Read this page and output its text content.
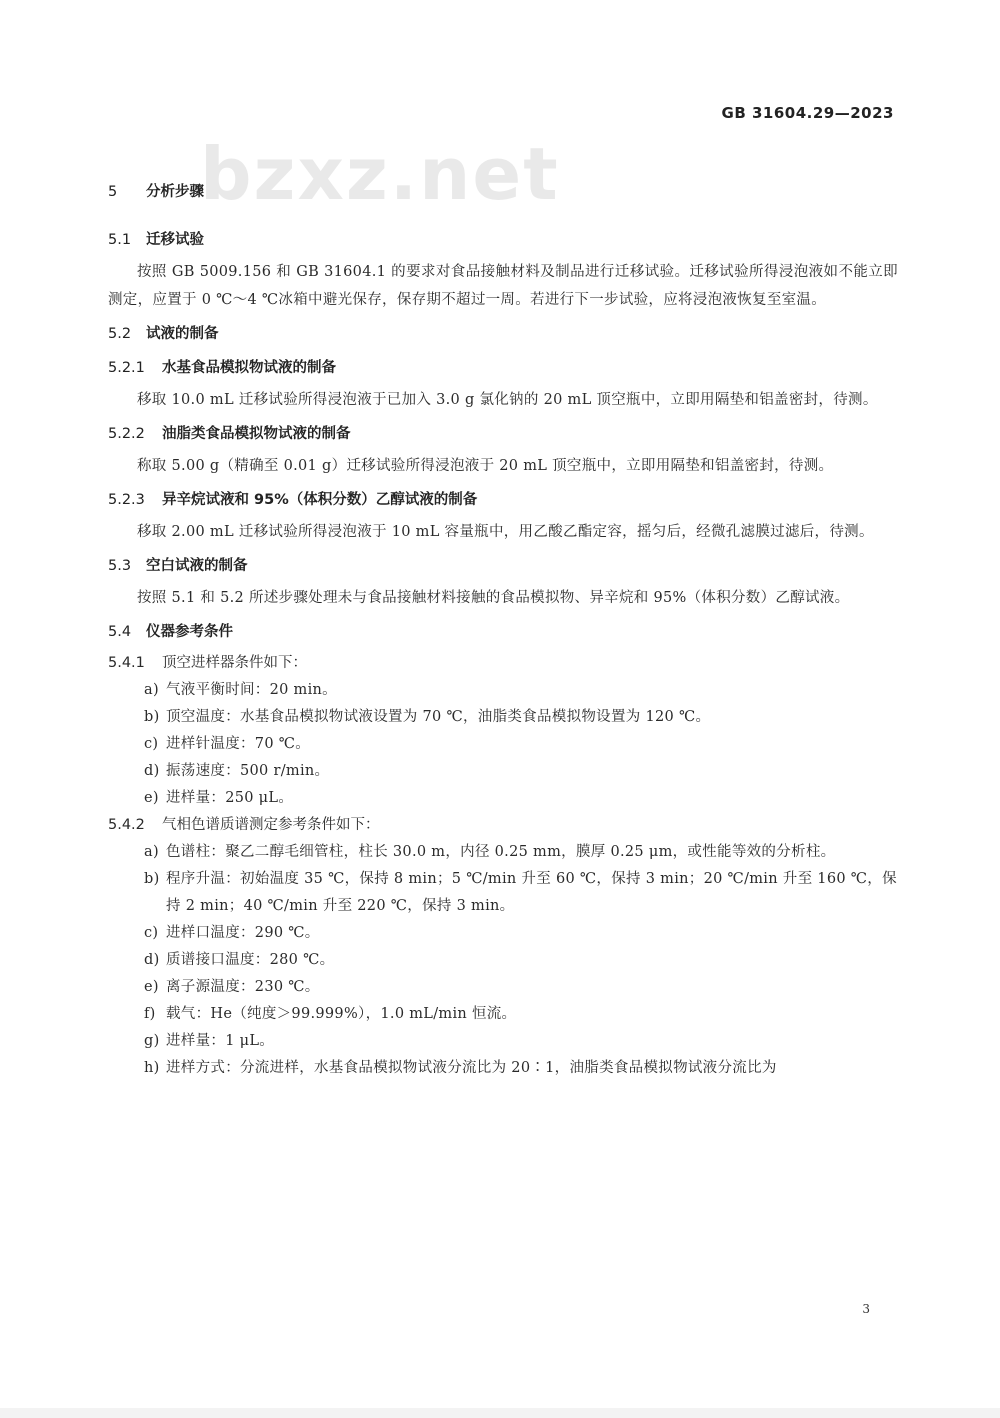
GB 31604.29—2023
bzxz.net
5 分析步骤
5.1 迁移试验
按照 GB 5009.156 和 GB 31604.1 的要求对食品接触材料及制品进行迁移试验。迁移试验所得浸泡液如不能立即测定，应置于 0 ℃～4 ℃冰箱中避光保存，保存期不超过一周。若进行下一步试验，应将浸泡液恢复至室温。
5.2 试液的制备
5.2.1 水基食品模拟物试液的制备
移取 10.0 mL 迁移试验所得浸泡液于已加入 3.0 g 氯化钠的 20 mL 顶空瓶中，立即用隔垫和铝盖密封，待测。
5.2.2 油脂类食品模拟物试液的制备
称取 5.00 g（精确至 0.01 g）迁移试验所得浸泡液于 20 mL 顶空瓶中，立即用隔垫和铝盖密封，待测。
5.2.3 异辛烷试液和 95%（体积分数）乙醇试液的制备
移取 2.00 mL 迁移试验所得浸泡液于 10 mL 容量瓶中，用乙酸乙酯定容，摇匀后，经微孔滤膜过滤后，待测。
5.3 空白试液的制备
按照 5.1 和 5.2 所述步骤处理未与食品接触材料接触的食品模拟物、异辛烷和 95%（体积分数）乙醇试液。
5.4 仪器参考条件
5.4.1 顶空进样器条件如下：
a) 气液平衡时间：20 min。
b) 顶空温度：水基食品模拟物试液设置为 70 ℃，油脂类食品模拟物设置为 120 ℃。
c) 进样针温度：70 ℃。
d) 振荡速度：500 r/min。
e) 进样量：250 μL。
5.4.2 气相色谱质谱测定参考条件如下：
a) 色谱柱：聚乙二醇毛细管柱，柱长 30.0 m，内径 0.25 mm，膜厚 0.25 μm，或性能等效的分析柱。
b) 程序升温：初始温度 35 ℃，保持 8 min；5 ℃/min 升至 60 ℃，保持 3 min；20 ℃/min 升至 160 ℃，保持 2 min；40 ℃/min 升至 220 ℃，保持 3 min。
c) 进样口温度：290 ℃。
d) 质谱接口温度：280 ℃。
e) 离子源温度：230 ℃。
f) 载气：He（纯度＞99.999%），1.0 mL/min 恒流。
g) 进样量：1 μL。
h) 进样方式：分流进样，水基食品模拟物试液分流比为 20∶1，油脂类食品模拟物试液分流比为
3
